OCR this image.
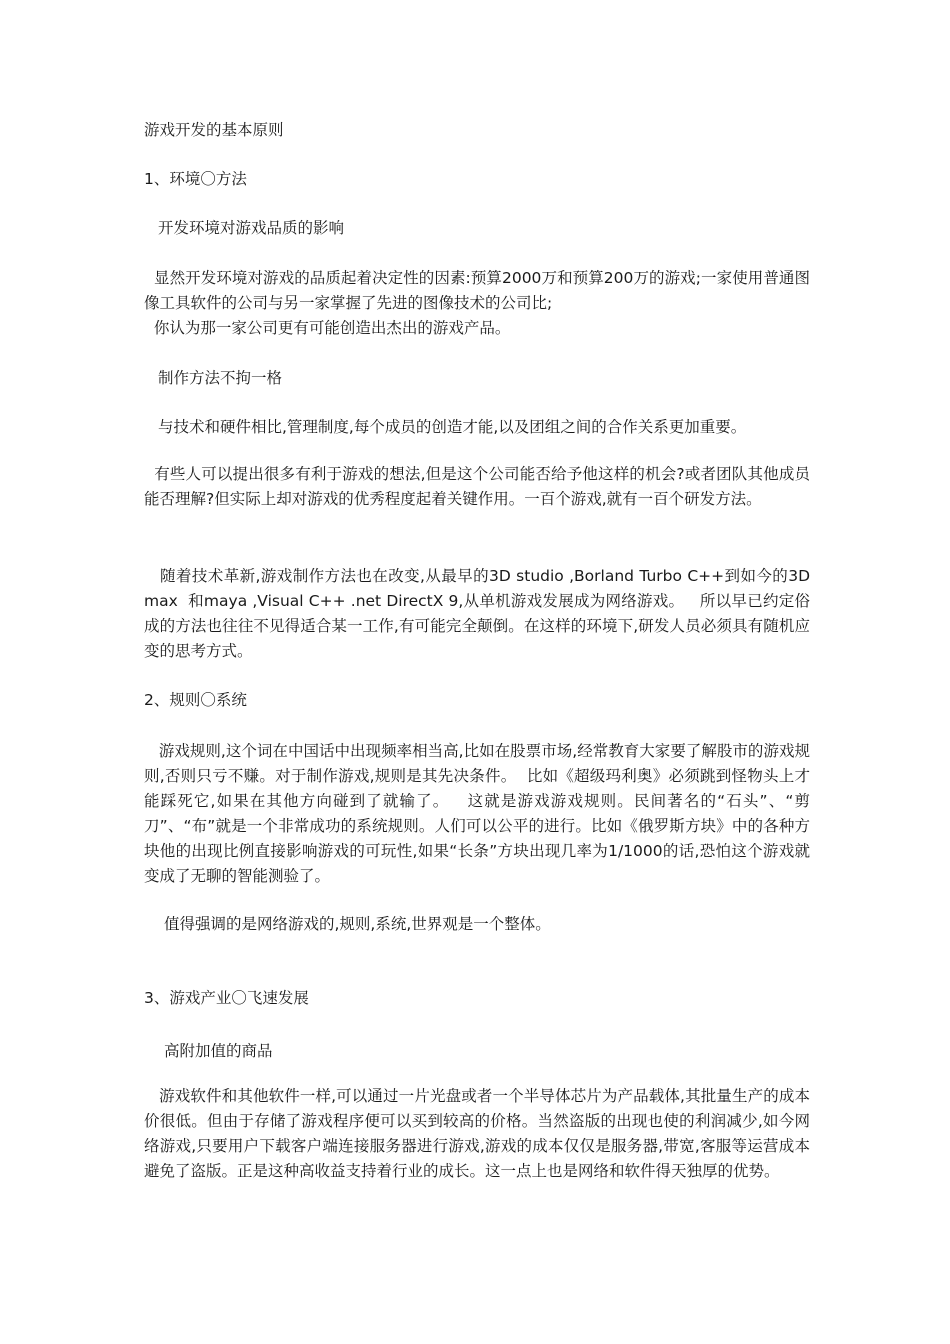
游戏开发的基本原则
1、环境〇方法
开发环境对游戏品质的影响
显然开发环境对游戏的品质起着决定性的因素:预算2000万和预算200万的游戏;一家使用普通图像工具软件的公司与另一家掌握了先进的图像技术的公司比;
你认为那一家公司更有可能创造出杰出的游戏产品。
制作方法不拘一格
与技术和硬件相比,管理制度,每个成员的创造才能,以及团组之间的合作关系更加重要。
有些人可以提出很多有利于游戏的想法,但是这个公司能否给予他这样的机会?或者团队其他成员能否理解?但实际上却对游戏的优秀程度起着关键作用。一百个游戏,就有一百个研发方法。
随着技术革新,游戏制作方法也在改变,从最早的3D studio ,Borland Turbo C++到如今的3D max  和maya ,Visual C++ .net DirectX 9,从单机游戏发展成为网络游戏。   所以早已约定俗成的方法也往往不见得适合某一工作,有可能完全颠倒。在这样的环境下,研发人员必须具有随机应变的思考方式。
2、规则〇系统
游戏规则,这个词在中国话中出现频率相当高,比如在股票市场,经常教育大家要了解股市的游戏规则,否则只亏不赚。对于制作游戏,规则是其先决条件。  比如《超级玛利奥》必须跳到怪物头上才能踩死它,如果在其他方向碰到了就输了。   这就是游戏游戏规则。民间著名的“石头”、“剪刀”、“布”就是一个非常成功的系统规则。人们可以公平的进行。比如《俄罗斯方块》中的各种方块他的出现比例直接影响游戏的可玩性,如果“长条”方块出现几率为1/1000的话,恐怕这个游戏就变成了无聊的智能测验了。
值得强调的是网络游戏的,规则,系统,世界观是一个整体。
3、游戏产业〇飞速发展
高附加值的商品
游戏软件和其他软件一样,可以通过一片光盘或者一个半导体芯片为产品载体,其批量生产的成本价很低。但由于存储了游戏程序便可以买到较高的价格。当然盗版的出现也使的利润减少,如今网络游戏,只要用户下载客户端连接服务器进行游戏,游戏的成本仅仅是服务器,带宽,客服等运营成本避免了盗版。正是这种高收益支持着行业的成长。这一点上也是网络和软件得天独厚的优势。
